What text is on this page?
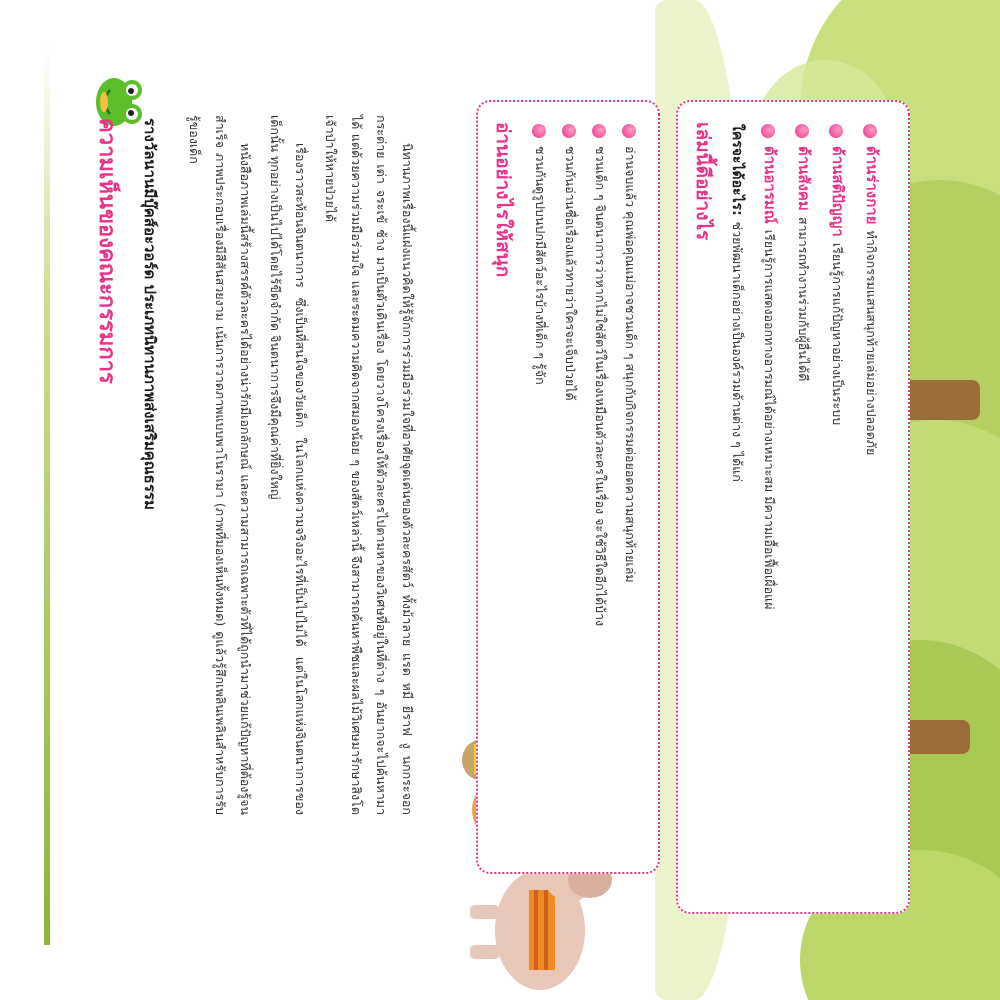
ความเห็นของคณะกรรมการ	รางวัลนานมีบุ๊คส์อะวอร์ด ประเภทนิทานภาพส่งเสริมคุณธรรม	นิทานภาพเรื่องนี้แฝงแนวคิดให้รู้จักการร่วมมือร่วมใจที่อาศัยจุดเด่นของตัวละครสัตว์ ทั้งม้าลาย แรด หมี ยีราฟ งู นกกระจอก กระต่าย เต่า จระเข้ ช้าง มาเป็นตัวเดินเรื่อง โดยวางโครงเรื่องให้ตัวละครไปตามหาของวิเศษที่อยู่ในที่ต่าง ๆ อันยากจะไปค้นหามาได้ แต่ด้วยความร่วมมือร่วมใจ และระดมความคิดจากสมองน้อย ๆ ของสัตว์เหล่านี้ จึงสามารถค้นหาพืชและผลไม้วิเศษมารักษาสิงโตเจ้าป่าให้หายป่วยได้

เรื่องราวสะท้อนจินตนาการ ซึ่งเป็นที่สนใจของวัยเด็ก ในโลกแห่งความจริงอะไรที่เป็นไปไม่ได้ แต่ในโลกแห่งจินตนาการของเด็กนั้น ทุกอย่างเป็นไปได้โดยไร้ขีดจำกัด จินตนาการจึงมีคุณค่าที่ยิ่งใหญ่

หนังสือภาพเล่มนี้สร้างสรรค์ตัวละครได้อย่างน่ารักมีเอกลักษณ์ และความสามารถเฉพาะตัวที่ได้ถูกนำมาช่วยแก้ปัญหาที่ต้องรู้จนสำเร็จ ภาพประกอบเรื่องมีสีสันสวยงาม เน้นการวาดภาพแบบพาโนรามา (ภาพที่มองเห็นทั้งหมด) ดูแล้วรู้สึกเพลินเพลินสำหรับการรับรู้ของเด็ก	อ่านอย่างไรให้สนุก	ชวนกันดูรูปบนปกมีสัตว์อะไรบ้างที่เด็ก ๆ รู้จัก ชวนกันอ่านชื่อเรื่องแล้วทายว่าใครจะเจ็บป่วยได้ ชวนเด็ก ๆ จินตนาการว่าหากไม่ใช่สัตว์ในเรื่องเหมือนตัวละครในเรื่อง จะใช้วิธีใดอีกได้บ้าง อ่านจบแล้ว คุณพ่อคุณแม่อาจชวนเด็ก ๆ สนุกกับกิจกรรมต่อยอดความสนุกท้ายเล่ม	เล่มนี้ดีอย่างไร ใครจะได้อะไร:ช่วยพัฒนาเด็กอย่างเป็นองค์รวมด้านต่าง ๆ ได้แก่
ด้านอารมณ์เรียนรู้การแสดงออกทางอารมณ์ได้อย่างเหมาะสม มีความเอื้อเฟื้อเผื่อแผ่
ด้านสังคมสามารถทำงานร่วมกับผู้อื่นได้ดี
ด้านสติปัญญาเรียนรู้การแก้ปัญหาอย่างเป็นระบบ
ด้านร่างกายทำกิจกรรมแสนสนุกท้ายเล่มอย่างปลอดภัย
